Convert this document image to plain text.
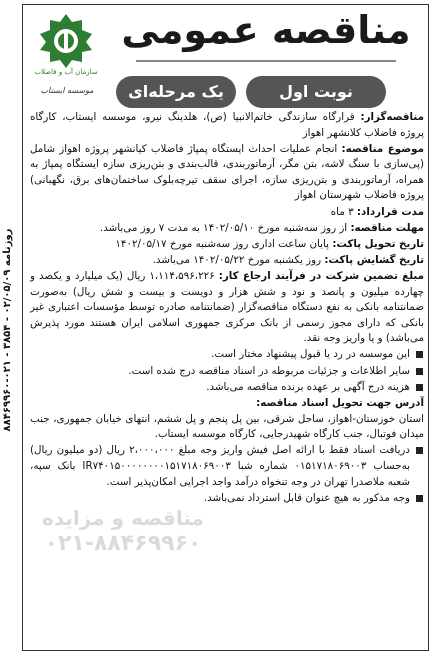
روزنامه ۰۲/۰۵/۰۹ - ۳۸۵۴ - ۰۲۱-۸۸۴۶۹۹۶۰
مناقصه عمومی
نوبت اول
یک مرحله‌ای
سازمان آب و فاضلاب
موسسه ایستاب

مناقصه‌گزار: قرارگاه سازندگی خاتم‌الانبیا (ص)، هلدینگ نیرو، موسسه ایستاب، کارگاه پروژه فاضلاب کلانشهر اهواز

موضوع مناقصه: انجام عملیات احداث ایستگاه پمپاژ فاضلاب کیانشهر پروژه اهواز شامل (پی‌سازی با سنگ لاشه، بتن مگر، آرماتوربندی، قالب‌بندی و بتن‌ریزی سازه ایستگاه پمپاژ به همراه، آرماتوربندی و بتن‌ریزی سازه، اجرای سقف تیرچه‌بلوک ساختمان‌های برق، نگهبانی) پروژه فاضلاب شهرستان اهواز

مدت قرارداد: ۳ ماه

مهلت مناقصه: از روز سه‌شنبه مورخ ۱۴۰۲/۰۵/۱۰ به مدت ۷ روز می‌باشد.

تاریخ تحویل پاکت: پایان ساعت اداری روز سه‌شنبه مورخ ۱۴۰۲/۰۵/۱۷

تاریخ گشایش پاکت: روز یکشنبه مورخ ۱۴۰۲/۰۵/۲۲ می‌باشد.

مبلغ تضمین شرکت در فرآیند ارجاع کار: ۱،۱۱۴،۵۹۶،۲۲۶ ریال (یک میلیارد و یکصد و چهارده میلیون و پانصد و نود و شش هزار و دویست و بیست و شش ریال) به‌صورت ضمانتنامه بانکی به نفع دستگاه مناقصه‌گزار (ضمانتنامه صادره توسط مؤسسات اعتباری غیر بانکی که دارای مجوز رسمی از بانک مرکزی جمهوری اسلامی ایران هستند مورد پذیرش می‌باشد) و یا واریز وجه نقد.

این موسسه در رد یا قبول پیشنهاد مختار است.

سایر اطلاعات و جزئیات مربوطه در اسناد مناقصه درج شده است.

هزینه درج آگهی بر عهده برنده مناقصه می‌باشد.

آدرس جهت تحویل اسناد مناقصه:

استان خوزستان-اهواز، ساحل شرقی، بین پل پنجم و پل ششم، انتهای خیابان جمهوری، جنب میدان فوتبال، جنب کارگاه شهیدرجایی، کارگاه موسسه ایستاب.

دریافت اسناد فقط با ارائه اصل فیش واریز وجه مبلغ ۲،۰۰۰،۰۰۰ ریال (دو میلیون ریال) به‌حساب ۰۱۵۱۷۱۸۰۶۹۰۰۳ شماره شبا IR۷۴۰۱۵۰۰۰۰۰۰۰۰۱۵۱۷۱۸۰۶۹۰۰۳ بانک سپه، شعبه ملاصدرا تهران در وجه تنخواه درآمد واجد اجرایی امکان‌پذیر است.

وجه مذکور به هیچ عنوان قابل استرداد نمی‌باشد.

مناقصه و مزایده
۰۲۱-۸۸۴۶۹۹۶۰
